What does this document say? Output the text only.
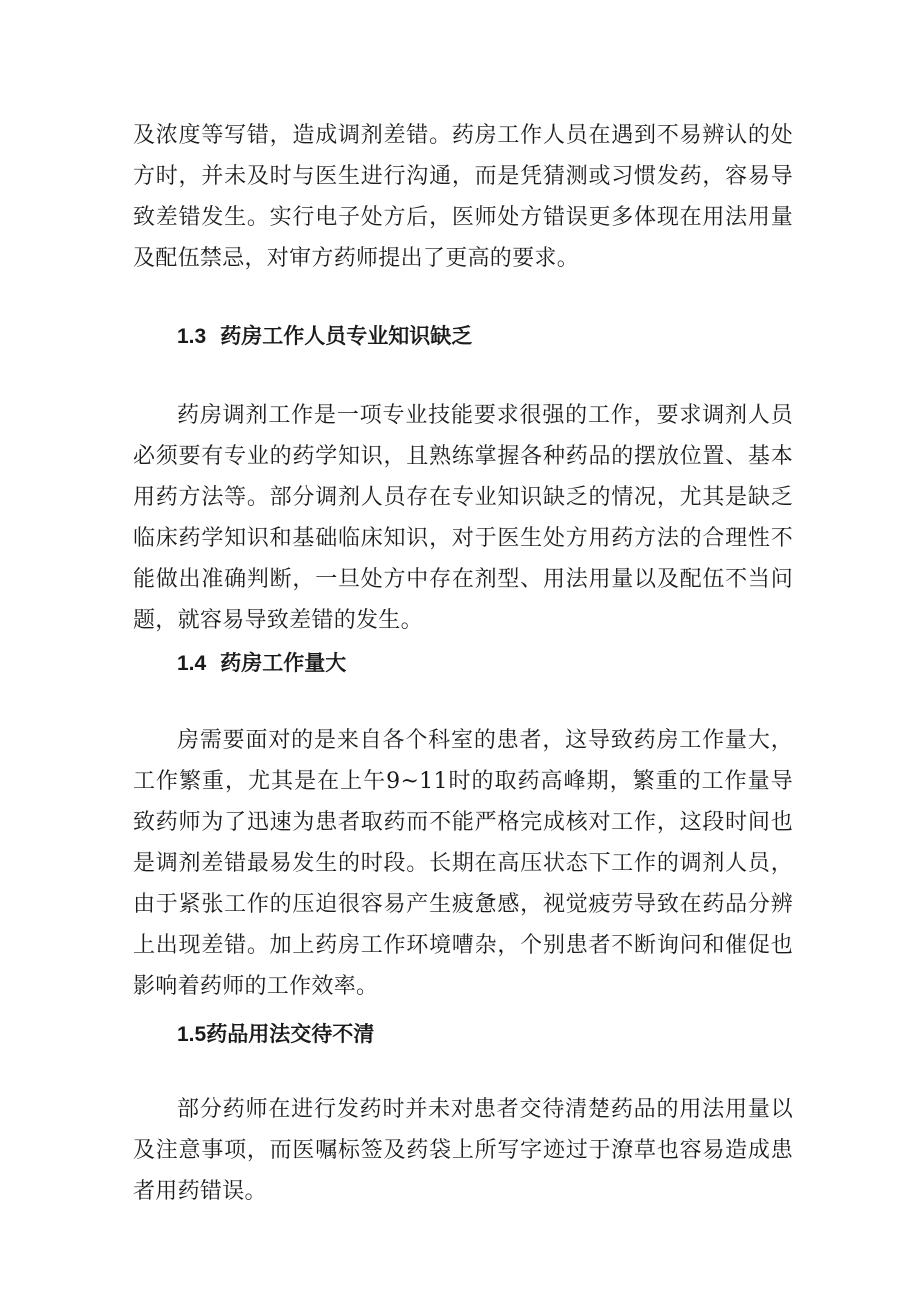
及浓度等写错，造成调剂差错。药房工作人员在遇到不易辨认的处方时，并未及时与医生进行沟通，而是凭猜测或习惯发药，容易导致差错发生。实行电子处方后，医师处方错误更多体现在用法用量及配伍禁忌，对审方药师提出了更高的要求。

1.3 药房工作人员专业知识缺乏

药房调剂工作是一项专业技能要求很强的工作，要求调剂人员必须要有专业的药学知识，且熟练掌握各种药品的摆放位置、基本用药方法等。部分调剂人员存在专业知识缺乏的情况，尤其是缺乏临床药学知识和基础临床知识，对于医生处方用药方法的合理性不能做出准确判断，一旦处方中存在剂型、用法用量以及配伍不当问题，就容易导致差错的发生。

1.4 药房工作量大

房需要面对的是来自各个科室的患者，这导致药房工作量大，工作繁重，尤其是在上午9~11时的取药高峰期，繁重的工作量导致药师为了迅速为患者取药而不能严格完成核对工作，这段时间也是调剂差错最易发生的时段。长期在高压状态下工作的调剂人员，由于紧张工作的压迫很容易产生疲惫感，视觉疲劳导致在药品分辨上出现差错。加上药房工作环境嘈杂，个别患者不断询问和催促也影响着药师的工作效率。

1.5药品用法交待不清

部分药师在进行发药时并未对患者交待清楚药品的用法用量以及注意事项，而医嘱标签及药袋上所写字迹过于潦草也容易造成患者用药错误。
